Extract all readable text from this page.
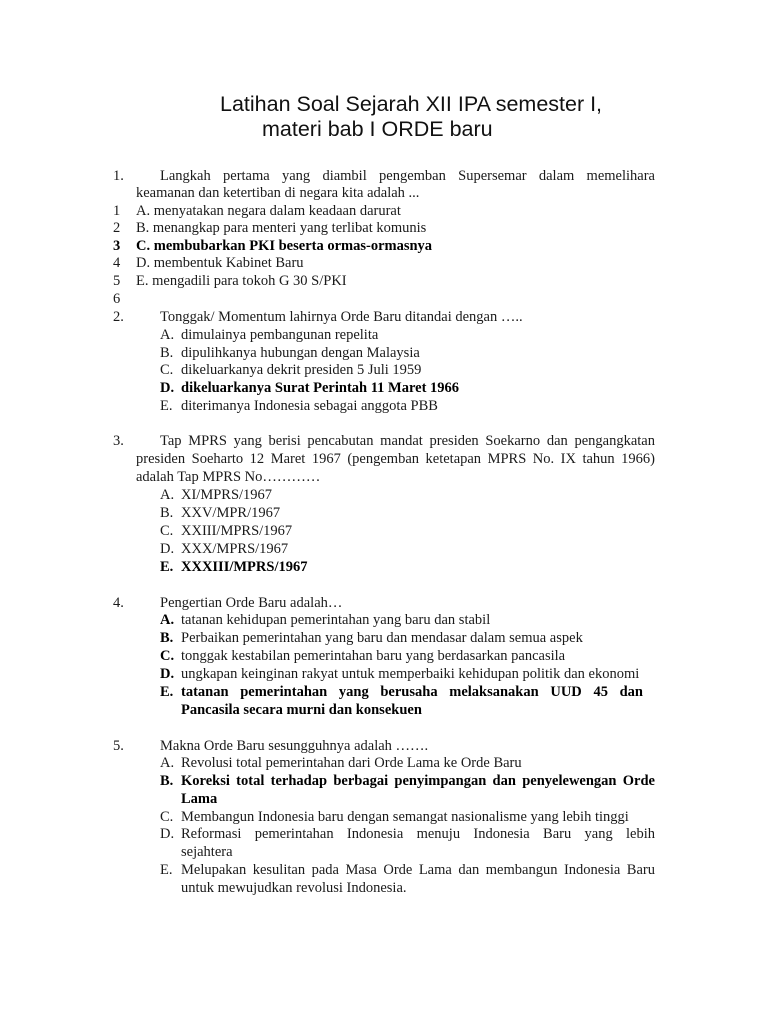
Latihan Soal Sejarah XII IPA semester I,
materi bab I ORDE baru
1. Langkah pertama yang diambil pengemban Supersemar dalam memelihara
keamanan dan ketertiban di negara kita adalah ...
1 A. menyatakan negara dalam keadaan darurat
2 B. menangkap para menteri yang terlibat komunis
3 C. membubarkan PKI beserta ormas-ormasnya
4 D. membentuk Kabinet Baru
5 E. mengadili para tokoh G 30 S/PKI
6
2. Tonggak/ Momentum lahirnya Orde Baru ditandai dengan …..
A. dimulainya pembangunan repelita
B. dipulihkanya hubungan dengan Malaysia
C. dikeluarkanya dekrit presiden 5 Juli 1959
D. dikeluarkanya Surat Perintah 11 Maret 1966
E. diterimanya Indonesia sebagai anggota PBB
3. Tap MPRS yang berisi pencabutan mandat presiden Soekarno dan pengangkatan
presiden Soeharto 12 Maret 1967 (pengemban ketetapan MPRS No. IX tahun 1966)
adalah Tap MPRS No…………
A. XI/MPRS/1967
B. XXV/MPR/1967
C. XXIII/MPRS/1967
D. XXX/MPRS/1967
E. XXXIII/MPRS/1967
4. Pengertian Orde Baru adalah…
A. tatanan kehidupan pemerintahan yang baru dan stabil
B. Perbaikan pemerintahan yang baru dan mendasar dalam semua aspek
C. tonggak kestabilan pemerintahan baru yang berdasarkan pancasila
D. ungkapan keinginan rakyat untuk memperbaiki kehidupan politik dan ekonomi
E. tatanan pemerintahan yang berusaha melaksanakan UUD 45 dan
Pancasila secara murni dan konsekuen
5. Makna Orde Baru sesungguhnya adalah …….
A. Revolusi total pemerintahan dari Orde Lama ke Orde Baru
B. Koreksi total terhadap berbagai penyimpangan dan penyelewengan Orde
Lama
C. Membangun Indonesia baru dengan semangat nasionalisme yang lebih tinggi
D. Reformasi pemerintahan Indonesia menuju Indonesia Baru yang lebih
sejahtera
E. Melupakan kesulitan pada Masa Orde Lama dan membangun Indonesia Baru
untuk mewujudkan revolusi Indonesia.
